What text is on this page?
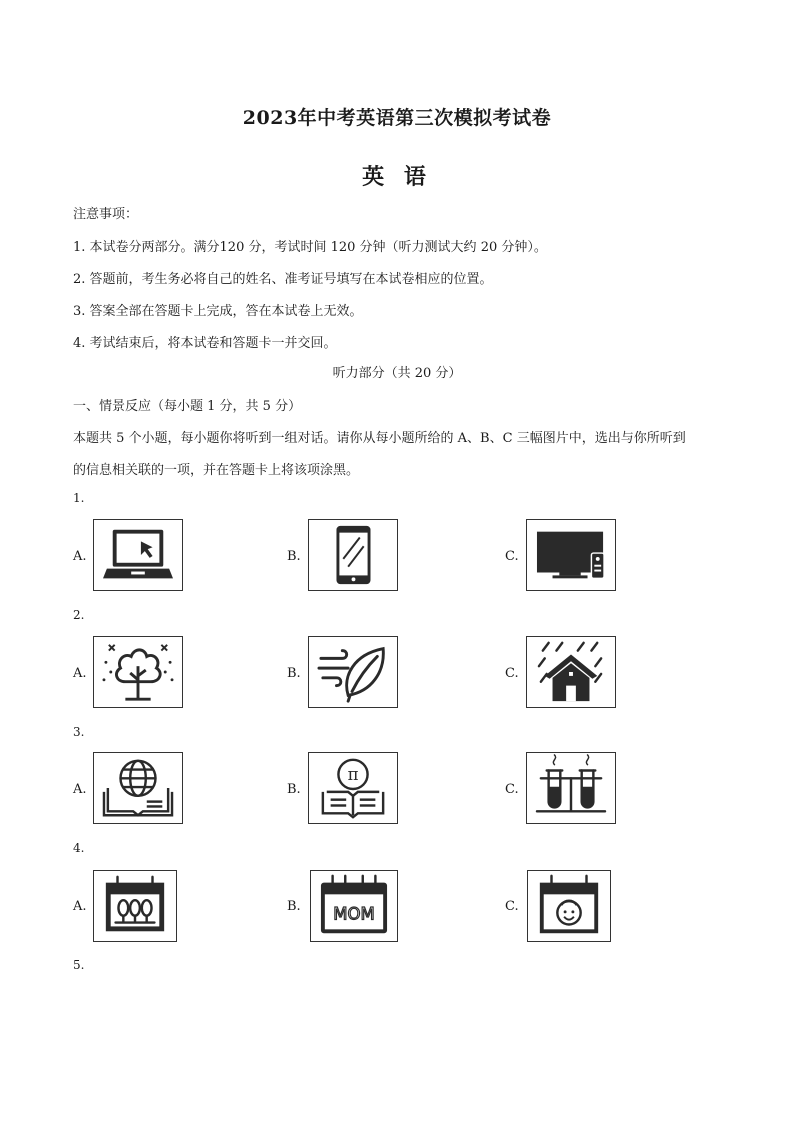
2023年中考英语第三次模拟考试卷
英 语
注意事项：
1. 本试卷分两部分。满分120 分，考试时间 120 分钟（听力测试大约 20 分钟）。
2. 答题前，考生务必将自己的姓名、准考证号填写在本试卷相应的位置。
3. 答案全部在答题卡上完成，答在本试卷上无效。
4. 考试结束后，将本试卷和答题卡一并交回。
听力部分（共 20 分）
一、情景反应（每小题 1 分，共 5 分）
本题共 5 个小题，每小题你将听到一组对话。请你从每小题所给的 A、B、C 三幅图片中，选出与你所听到
的信息相关联的一项，并在答题卡上将该项涂黑。
1.
A.	B.	C.
2.
A.	B.	C.
3.
A.	B.
π
C.
4.
A.	B. MOM	C.
5.
